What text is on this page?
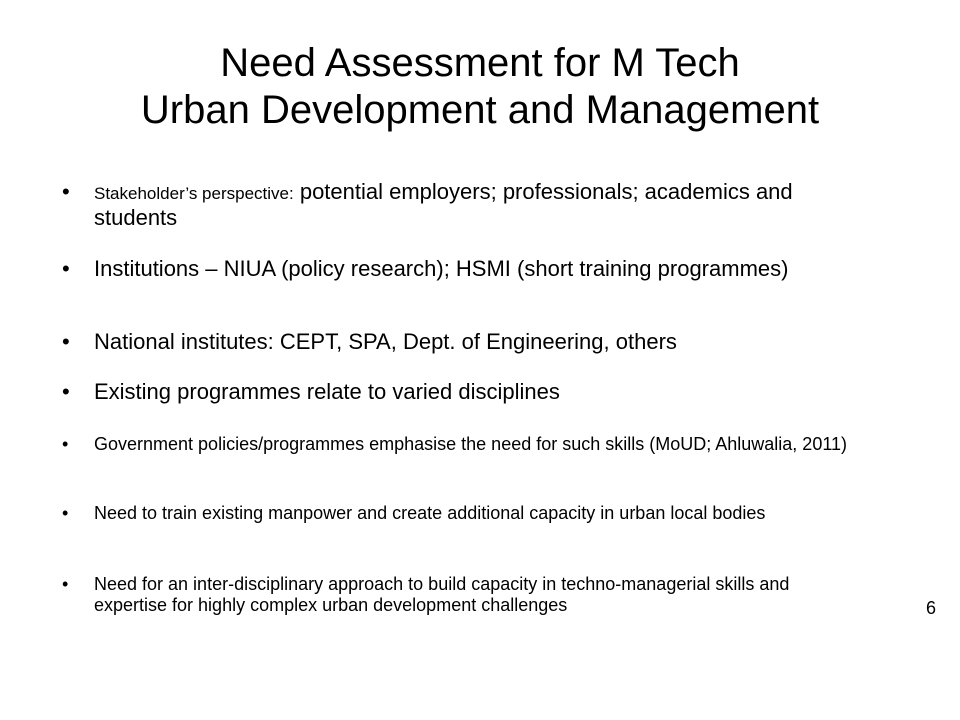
Need Assessment for M Tech
Urban Development and Management
• Stakeholder’s perspective: potential employers; professionals; academics and students
• Institutions – NIUA (policy research); HSMI (short training programmes)
• National institutes: CEPT, SPA, Dept. of Engineering, others
• Existing programmes relate to varied disciplines
• Government policies/programmes emphasise the need for such skills (MoUD; Ahluwalia, 2011)
• Need to train existing manpower and create additional capacity in urban local bodies
• Need for an inter-disciplinary approach to build capacity in techno-managerial skills and expertise for highly complex urban development challenges	6
